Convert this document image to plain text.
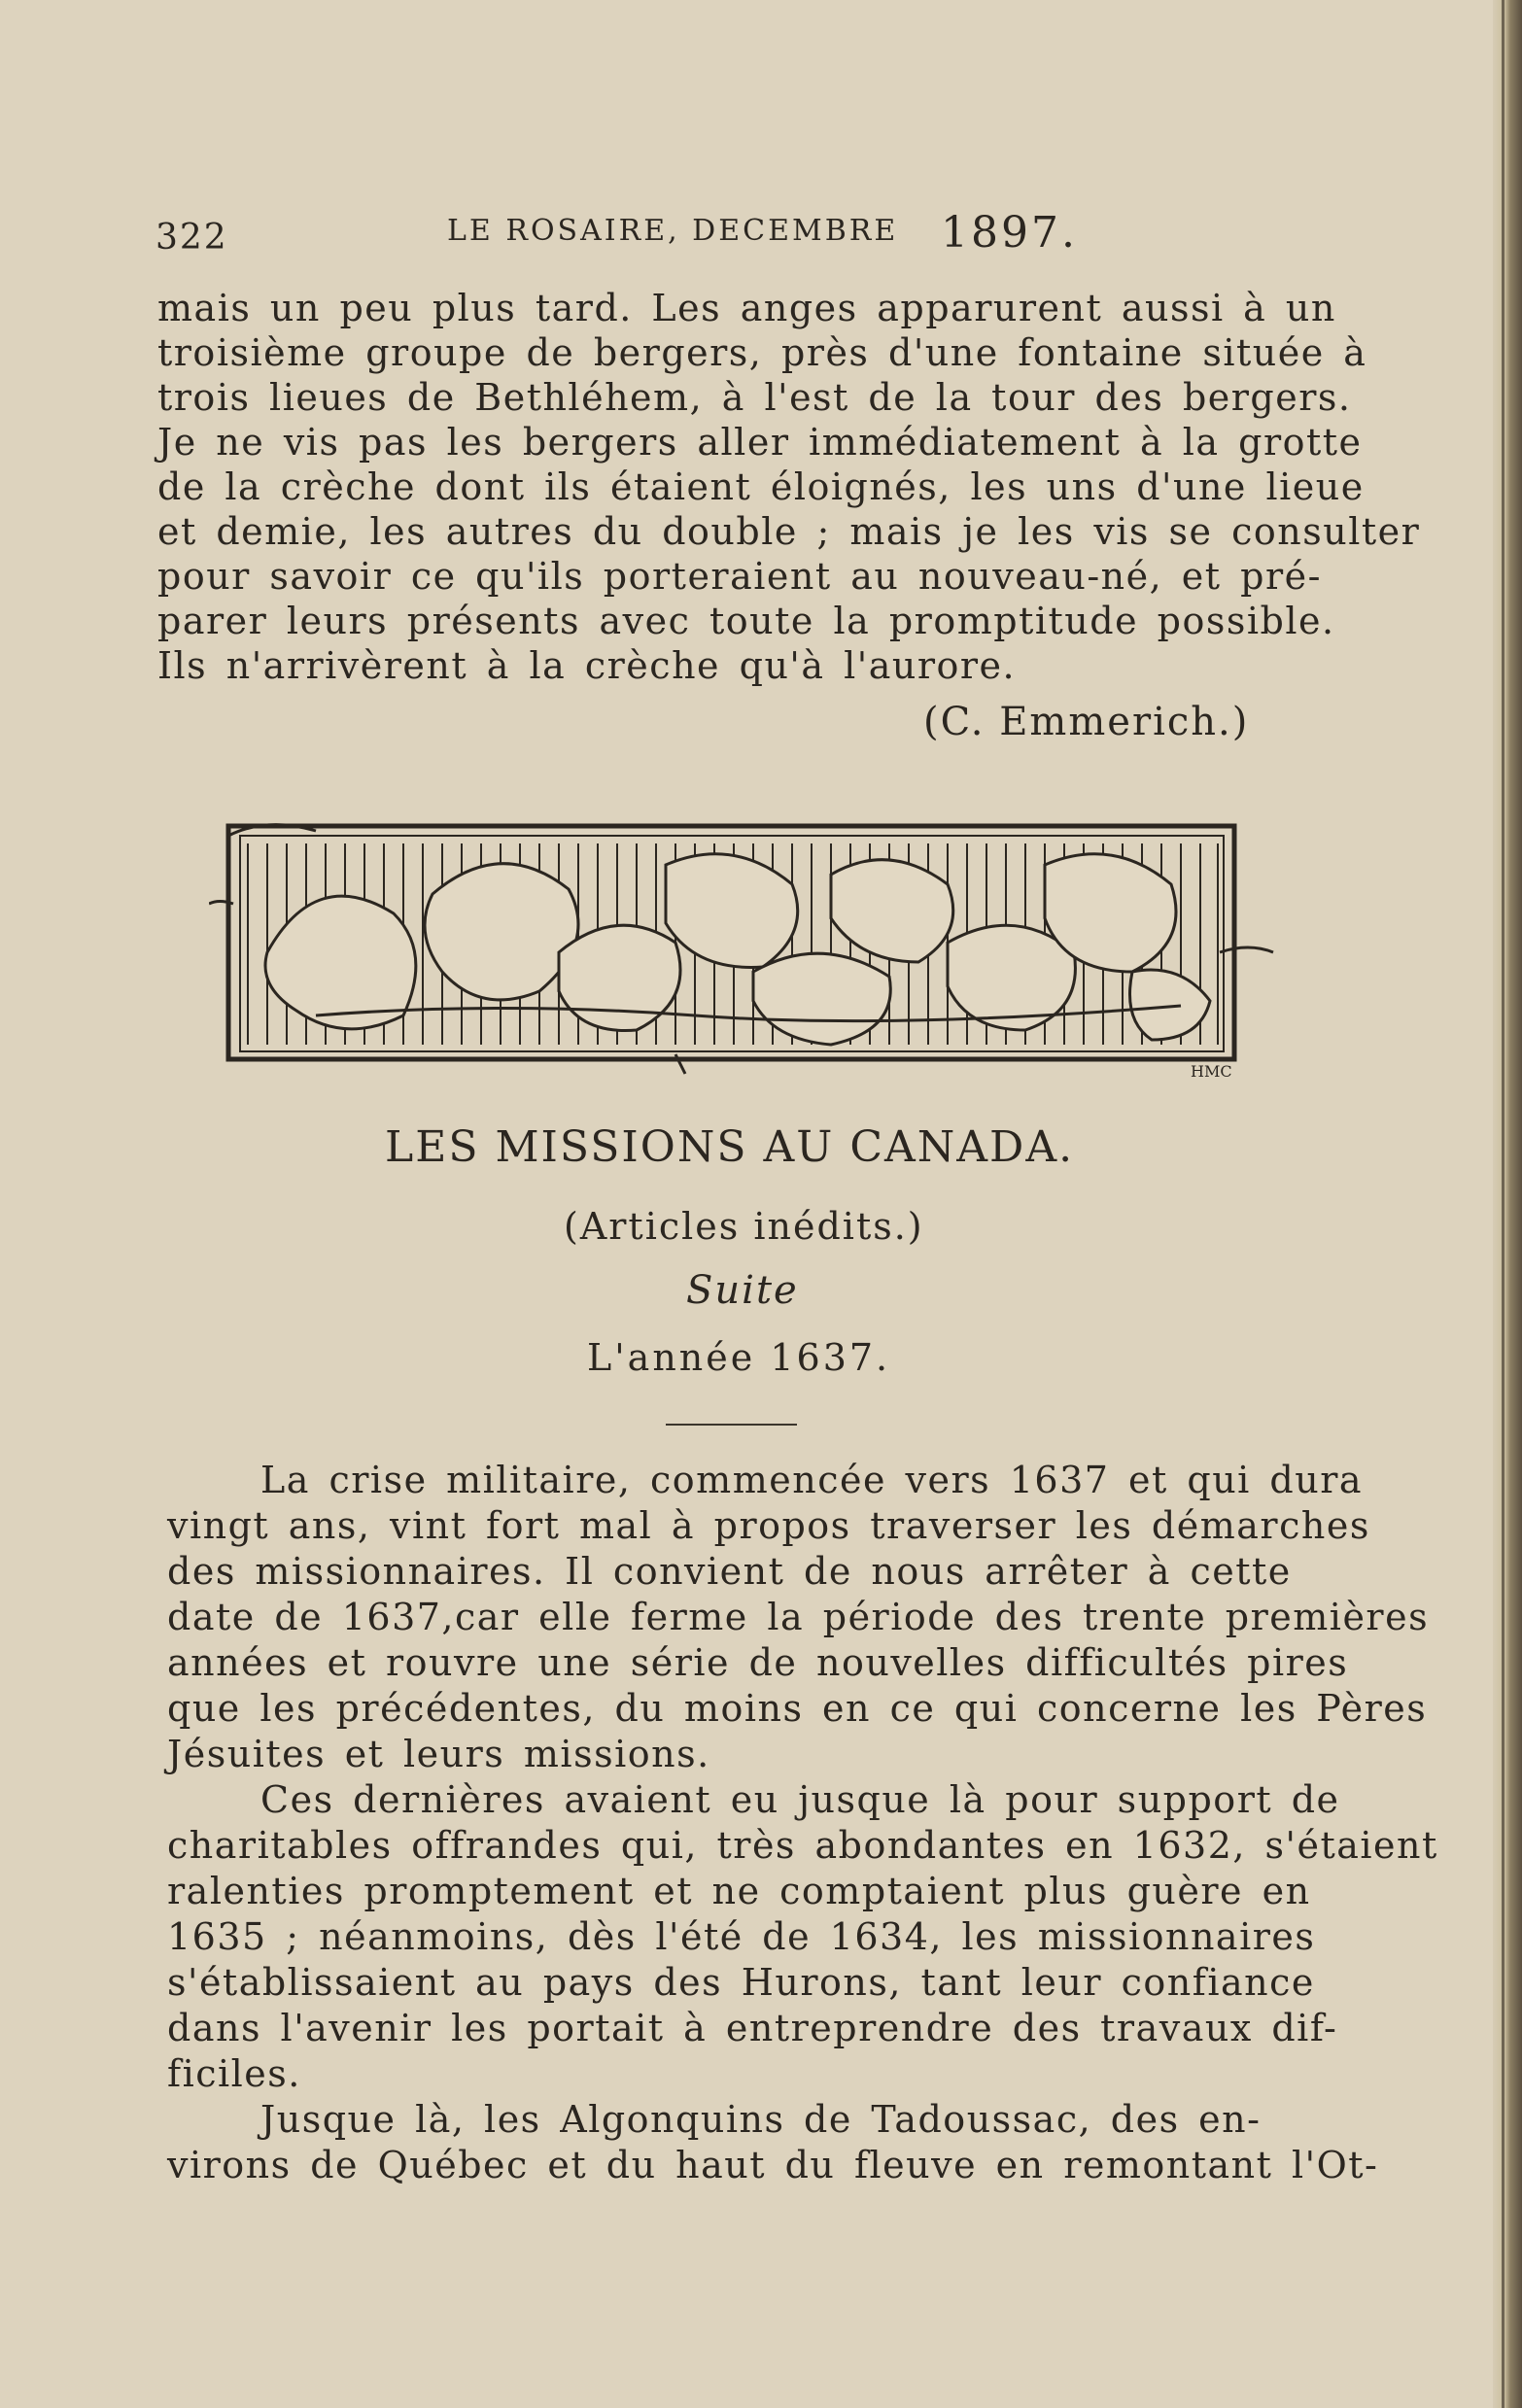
322	LE ROSAIRE, DECEMBRE 1897.
mais un peu plus tard. Les anges apparurent aussi à un
troisième groupe de bergers, près d'une fontaine située à
trois lieues de Bethléhem, à l'est de la tour des bergers.
Je ne vis pas les bergers aller immédiatement à la grotte
de la crèche dont ils étaient éloignés, les uns d'une lieue
et demie, les autres du double ; mais je les vis se consulter
pour savoir ce qu'ils porteraient au nouveau-né, et pré-
parer leurs présents avec toute la promptitude possible.
Ils n'arrivèrent à la crèche qu'à l'aurore.
(C. Emmerich.)
HMC
LES MISSIONS AU CANADA.
(Articles inédits.)
Suite
L'année 1637.
La crise militaire, commencée vers 1637 et qui dura
vingt ans, vint fort mal à propos traverser les démarches
des missionnaires. Il convient de nous arrêter à cette
date de 1637,car elle ferme la période des trente premières
années et rouvre une série de nouvelles difficultés pires
que les précédentes, du moins en ce qui concerne les Pères
Jésuites et leurs missions.
Ces dernières avaient eu jusque là pour support de
charitables offrandes qui, très abondantes en 1632, s'étaient
ralenties promptement et ne comptaient plus guère en
1635 ; néanmoins, dès l'été de 1634, les missionnaires
s'établissaient au pays des Hurons, tant leur confiance
dans l'avenir les portait à entreprendre des travaux dif-
ficiles.
Jusque là, les Algonquins de Tadoussac, des en-
virons de Québec et du haut du fleuve en remontant l'Ot-
